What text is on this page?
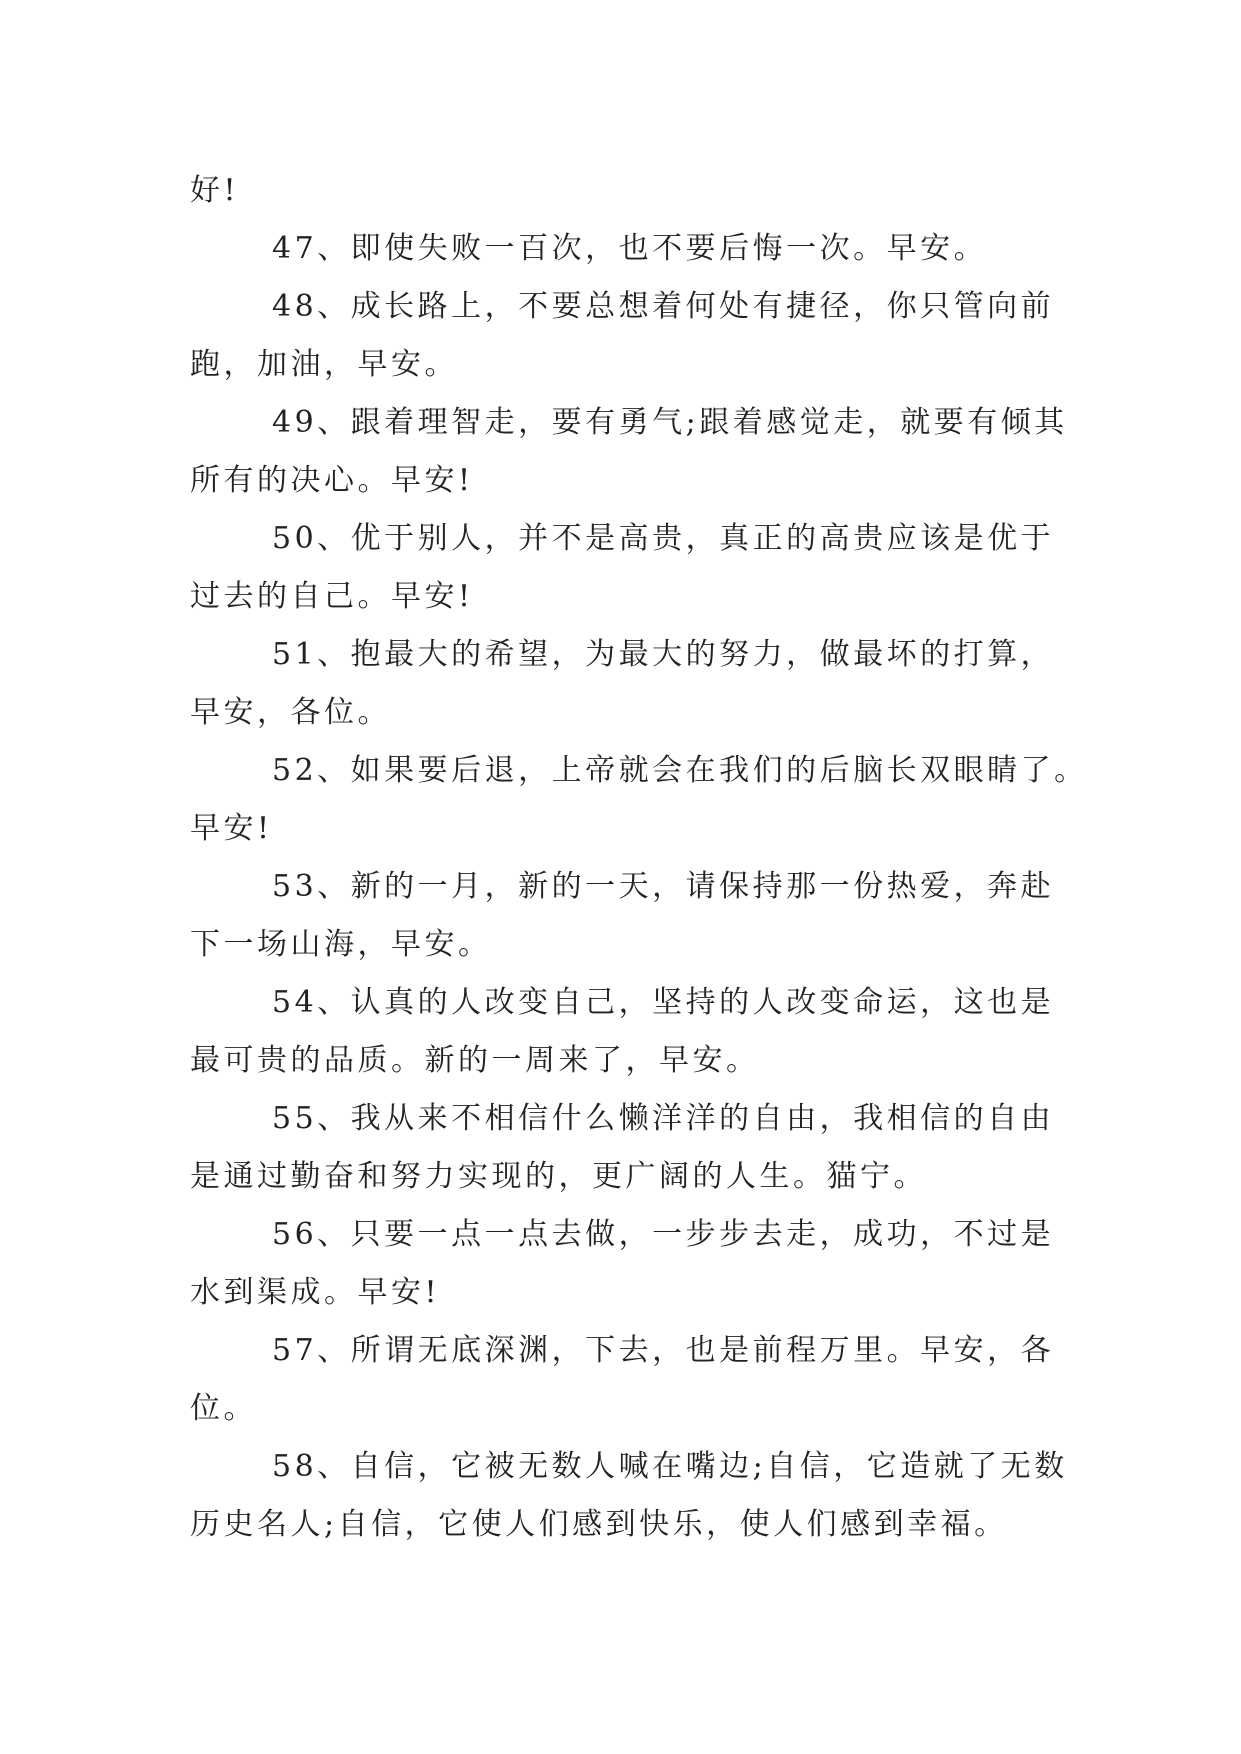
好!
47、即使失败一百次，也不要后悔一次。早安。
48、成长路上，不要总想着何处有捷径，你只管向前
跑，加油，早安。
49、跟着理智走，要有勇气;跟着感觉走，就要有倾其
所有的决心。早安!
50、优于别人，并不是高贵，真正的高贵应该是优于
过去的自己。早安!
51、抱最大的希望，为最大的努力，做最坏的打算，
早安，各位。
52、如果要后退，上帝就会在我们的后脑长双眼睛了。
早安!
53、新的一月，新的一天，请保持那一份热爱，奔赴
下一场山海，早安。
54、认真的人改变自己，坚持的人改变命运，这也是
最可贵的品质。新的一周来了，早安。
55、我从来不相信什么懒洋洋的自由，我相信的自由
是通过勤奋和努力实现的，更广阔的人生。猫宁。
56、只要一点一点去做，一步步去走，成功，不过是
水到渠成。早安!
57、所谓无底深渊，下去，也是前程万里。早安，各
位。
58、自信，它被无数人喊在嘴边;自信，它造就了无数
历史名人;自信，它使人们感到快乐，使人们感到幸福。
